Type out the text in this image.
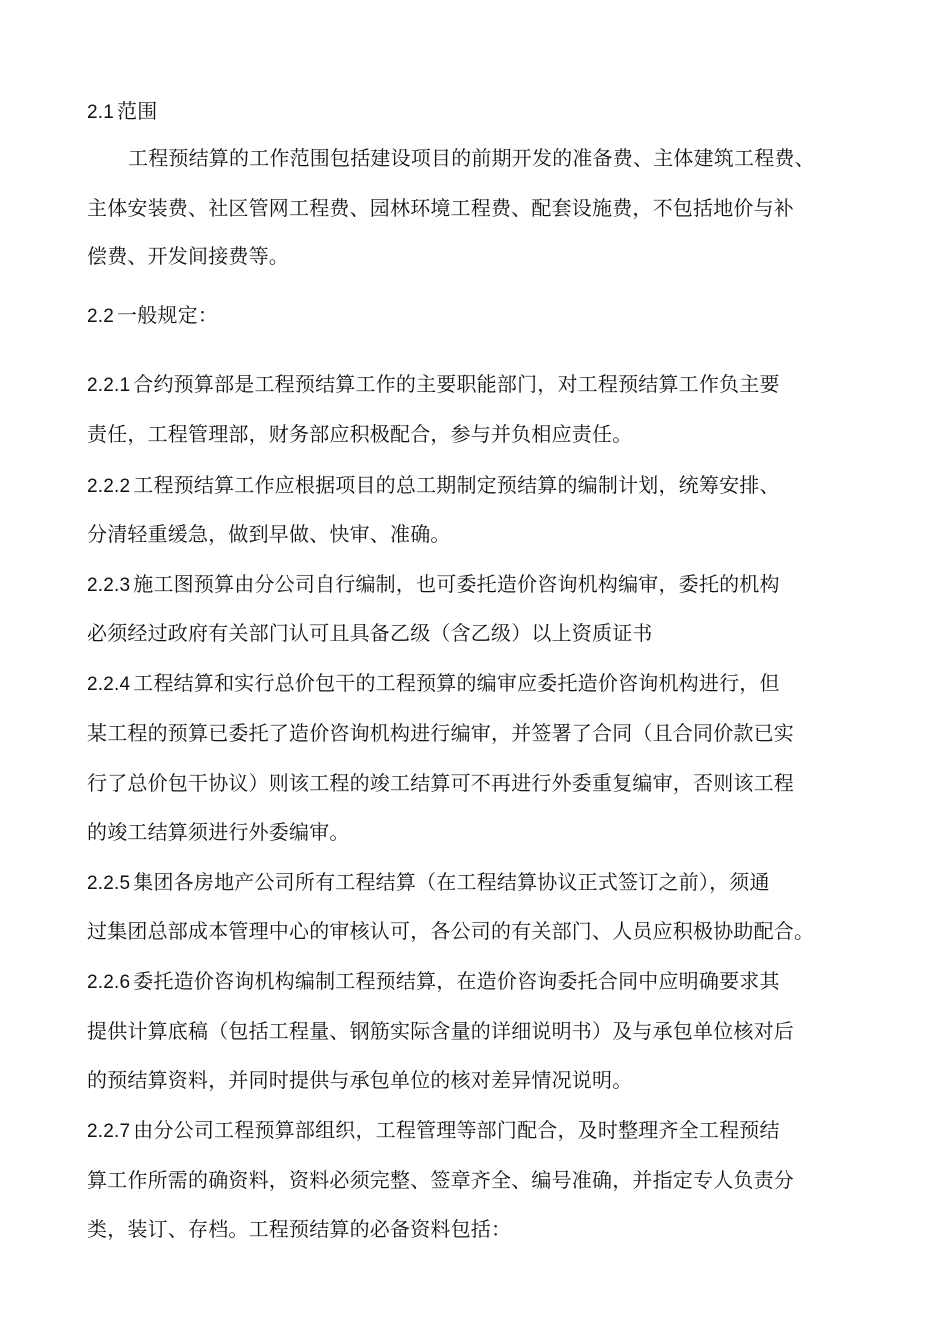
2.1 范围
工程预结算的工作范围包括建设项目的前期开发的准备费、主体建筑工程费、
主体安装费、社区管网工程费、园林环境工程费、配套设施费，不包括地价与补
偿费、开发间接费等。
2.2 一般规定：
2.2.1 合约预算部是工程预结算工作的主要职能部门，对工程预结算工作负主要
责任，工程管理部，财务部应积极配合，参与并负相应责任。
2.2.2 工程预结算工作应根据项目的总工期制定预结算的编制计划，统筹安排、
分清轻重缓急，做到早做、快审、准确。
2.2.3 施工图预算由分公司自行编制，也可委托造价咨询机构编审，委托的机构
必须经过政府有关部门认可且具备乙级（含乙级）以上资质证书
2.2.4 工程结算和实行总价包干的工程预算的编审应委托造价咨询机构进行，但
某工程的预算已委托了造价咨询机构进行编审，并签署了合同（且合同价款已实
行了总价包干协议）则该工程的竣工结算可不再进行外委重复编审，否则该工程
的竣工结算须进行外委编审。
2.2.5 集团各房地产公司所有工程结算（在工程结算协议正式签订之前），须通
过集团总部成本管理中心的审核认可，各公司的有关部门、人员应积极协助配合。
2.2.6 委托造价咨询机构编制工程预结算，在造价咨询委托合同中应明确要求其
提供计算底稿（包括工程量、钢筋实际含量的详细说明书）及与承包单位核对后
的预结算资料，并同时提供与承包单位的核对差异情况说明。
2.2.7 由分公司工程预算部组织，工程管理等部门配合，及时整理齐全工程预结
算工作所需的确资料，资料必须完整、签章齐全、编号准确，并指定专人负责分
类，装订、存档。工程预结算的必备资料包括：
